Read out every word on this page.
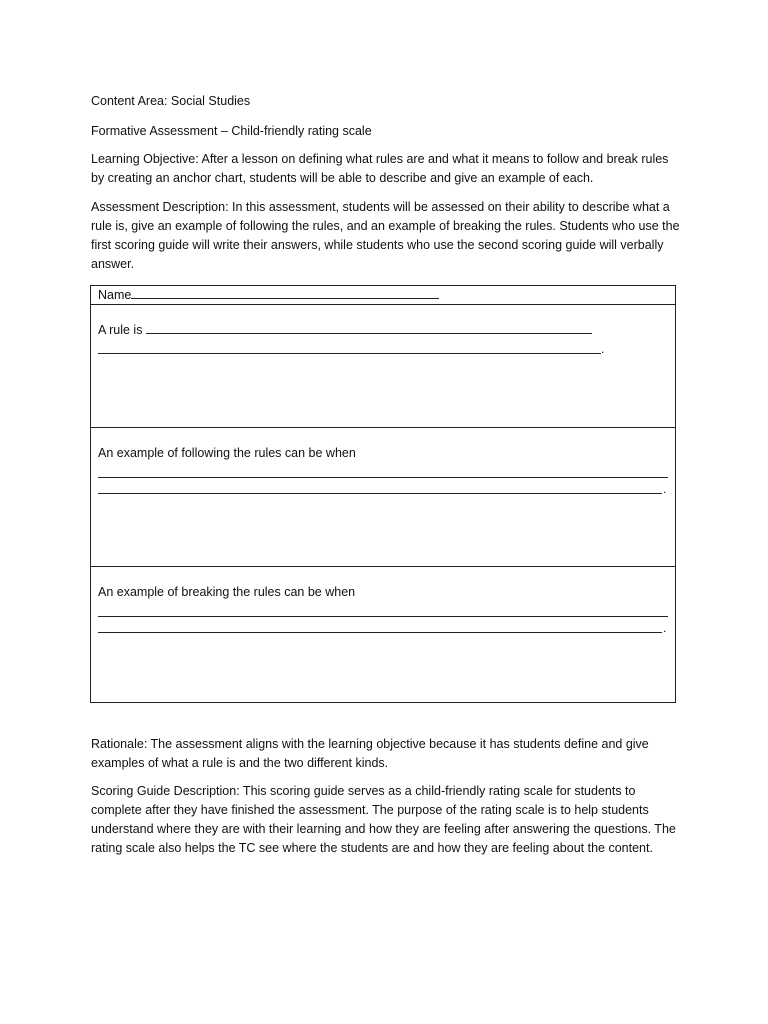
Content Area: Social Studies

Formative Assessment – Child-friendly rating scale

Learning Objective: After a lesson on defining what rules are and what it means to follow and break rules by creating an anchor chart, students will be able to describe and give an example of each.

Assessment Description: In this assessment, students will be assessed on their ability to describe what a rule is, give an example of following the rules, and an example of breaking the rules. Students who use the first scoring guide will write their answers, while students who use the second scoring guide will verbally answer.

Name
A rule is
.
An example of following the rules can be when
.
An example of breaking the rules can be when
.

Rationale: The assessment aligns with the learning objective because it has students define and give examples of what a rule is and the two different kinds.

Scoring Guide Description: This scoring guide serves as a child-friendly rating scale for students to complete after they have finished the assessment. The purpose of the rating scale is to help students understand where they are with their learning and how they are feeling after answering the questions. The rating scale also helps the TC see where the students are and how they are feeling about the content.
